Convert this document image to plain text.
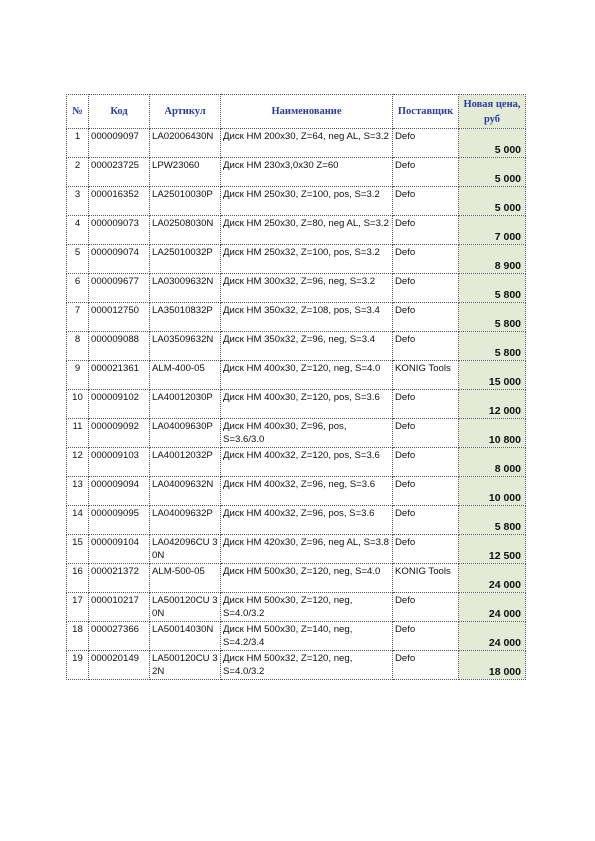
№	Код	Артикул	Наименование	Поставщик	Новая цена, руб
1	000009097	LA02006430N	Диск HM 200x30, Z=64, neg AL, S=3.2	Defo	5 000
2	000023725	LPW23060	Диск HM 230x3,0x30 Z=60	Defo	5 000
3	000016352	LA25010030P	Диск HM 250x30, Z=100, pos, S=3.2	Defo	5 000
4	000009073	LA02508030N	Диск HM 250x30, Z=80, neg AL, S=3.2	Defo	7 000
5	000009074	LA25010032P	Диск HM 250x32, Z=100, pos, S=3.2	Defo	8 900
6	000009677	LA03009632N	Диск HM 300x32, Z=96, neg, S=3.2	Defo	5 800
7	000012750	LA35010832P	Диск HM 350x32, Z=108, pos, S=3.4	Defo	5 800
8	000009088	LA03509632N	Диск HM 350x32, Z=96, neg, S=3.4	Defo	5 800
9	000021361	ALM-400-05	Диск HM 400x30, Z=120, neg, S=4.0	KONIG Tools	15 000
10	000009102	LA40012030P	Диск HM 400x30, Z=120, pos, S=3.6	Defo	12 000
11	000009092	LA04009630P	Диск HM 400x30, Z=96, pos, S=3.6/3.0	Defo	10 800
12	000009103	LA40012032P	Диск HM 400x32, Z=120, pos, S=3.6	Defo	8 000
13	000009094	LA04009632N	Диск HM 400x32, Z=96, neg, S=3.6	Defo	10 000
14	000009095	LA04009632P	Диск HM 400x32, Z=96, pos, S=3.6	Defo	5 800
15	000009104	LA042096CU 30N	Диск HM 420x30, Z=96, neg AL, S=3.8	Defo	12 500
16	000021372	ALM-500-05	Диск HM 500x30, Z=120, neg, S=4.0	KONIG Tools	24 000
17	000010217	LA500120CU 30N	Диск HM 500x30, Z=120, neg, S=4.0/3.2	Defo	24 000
18	000027366	LA50014030N	Диск HM 500x30, Z=140, neg, S=4.2/3.4	Defo	24 000
19	000020149	LA500120CU 32N	Диск HM 500x32, Z=120, neg, S=4.0/3.2	Defo	18 000
